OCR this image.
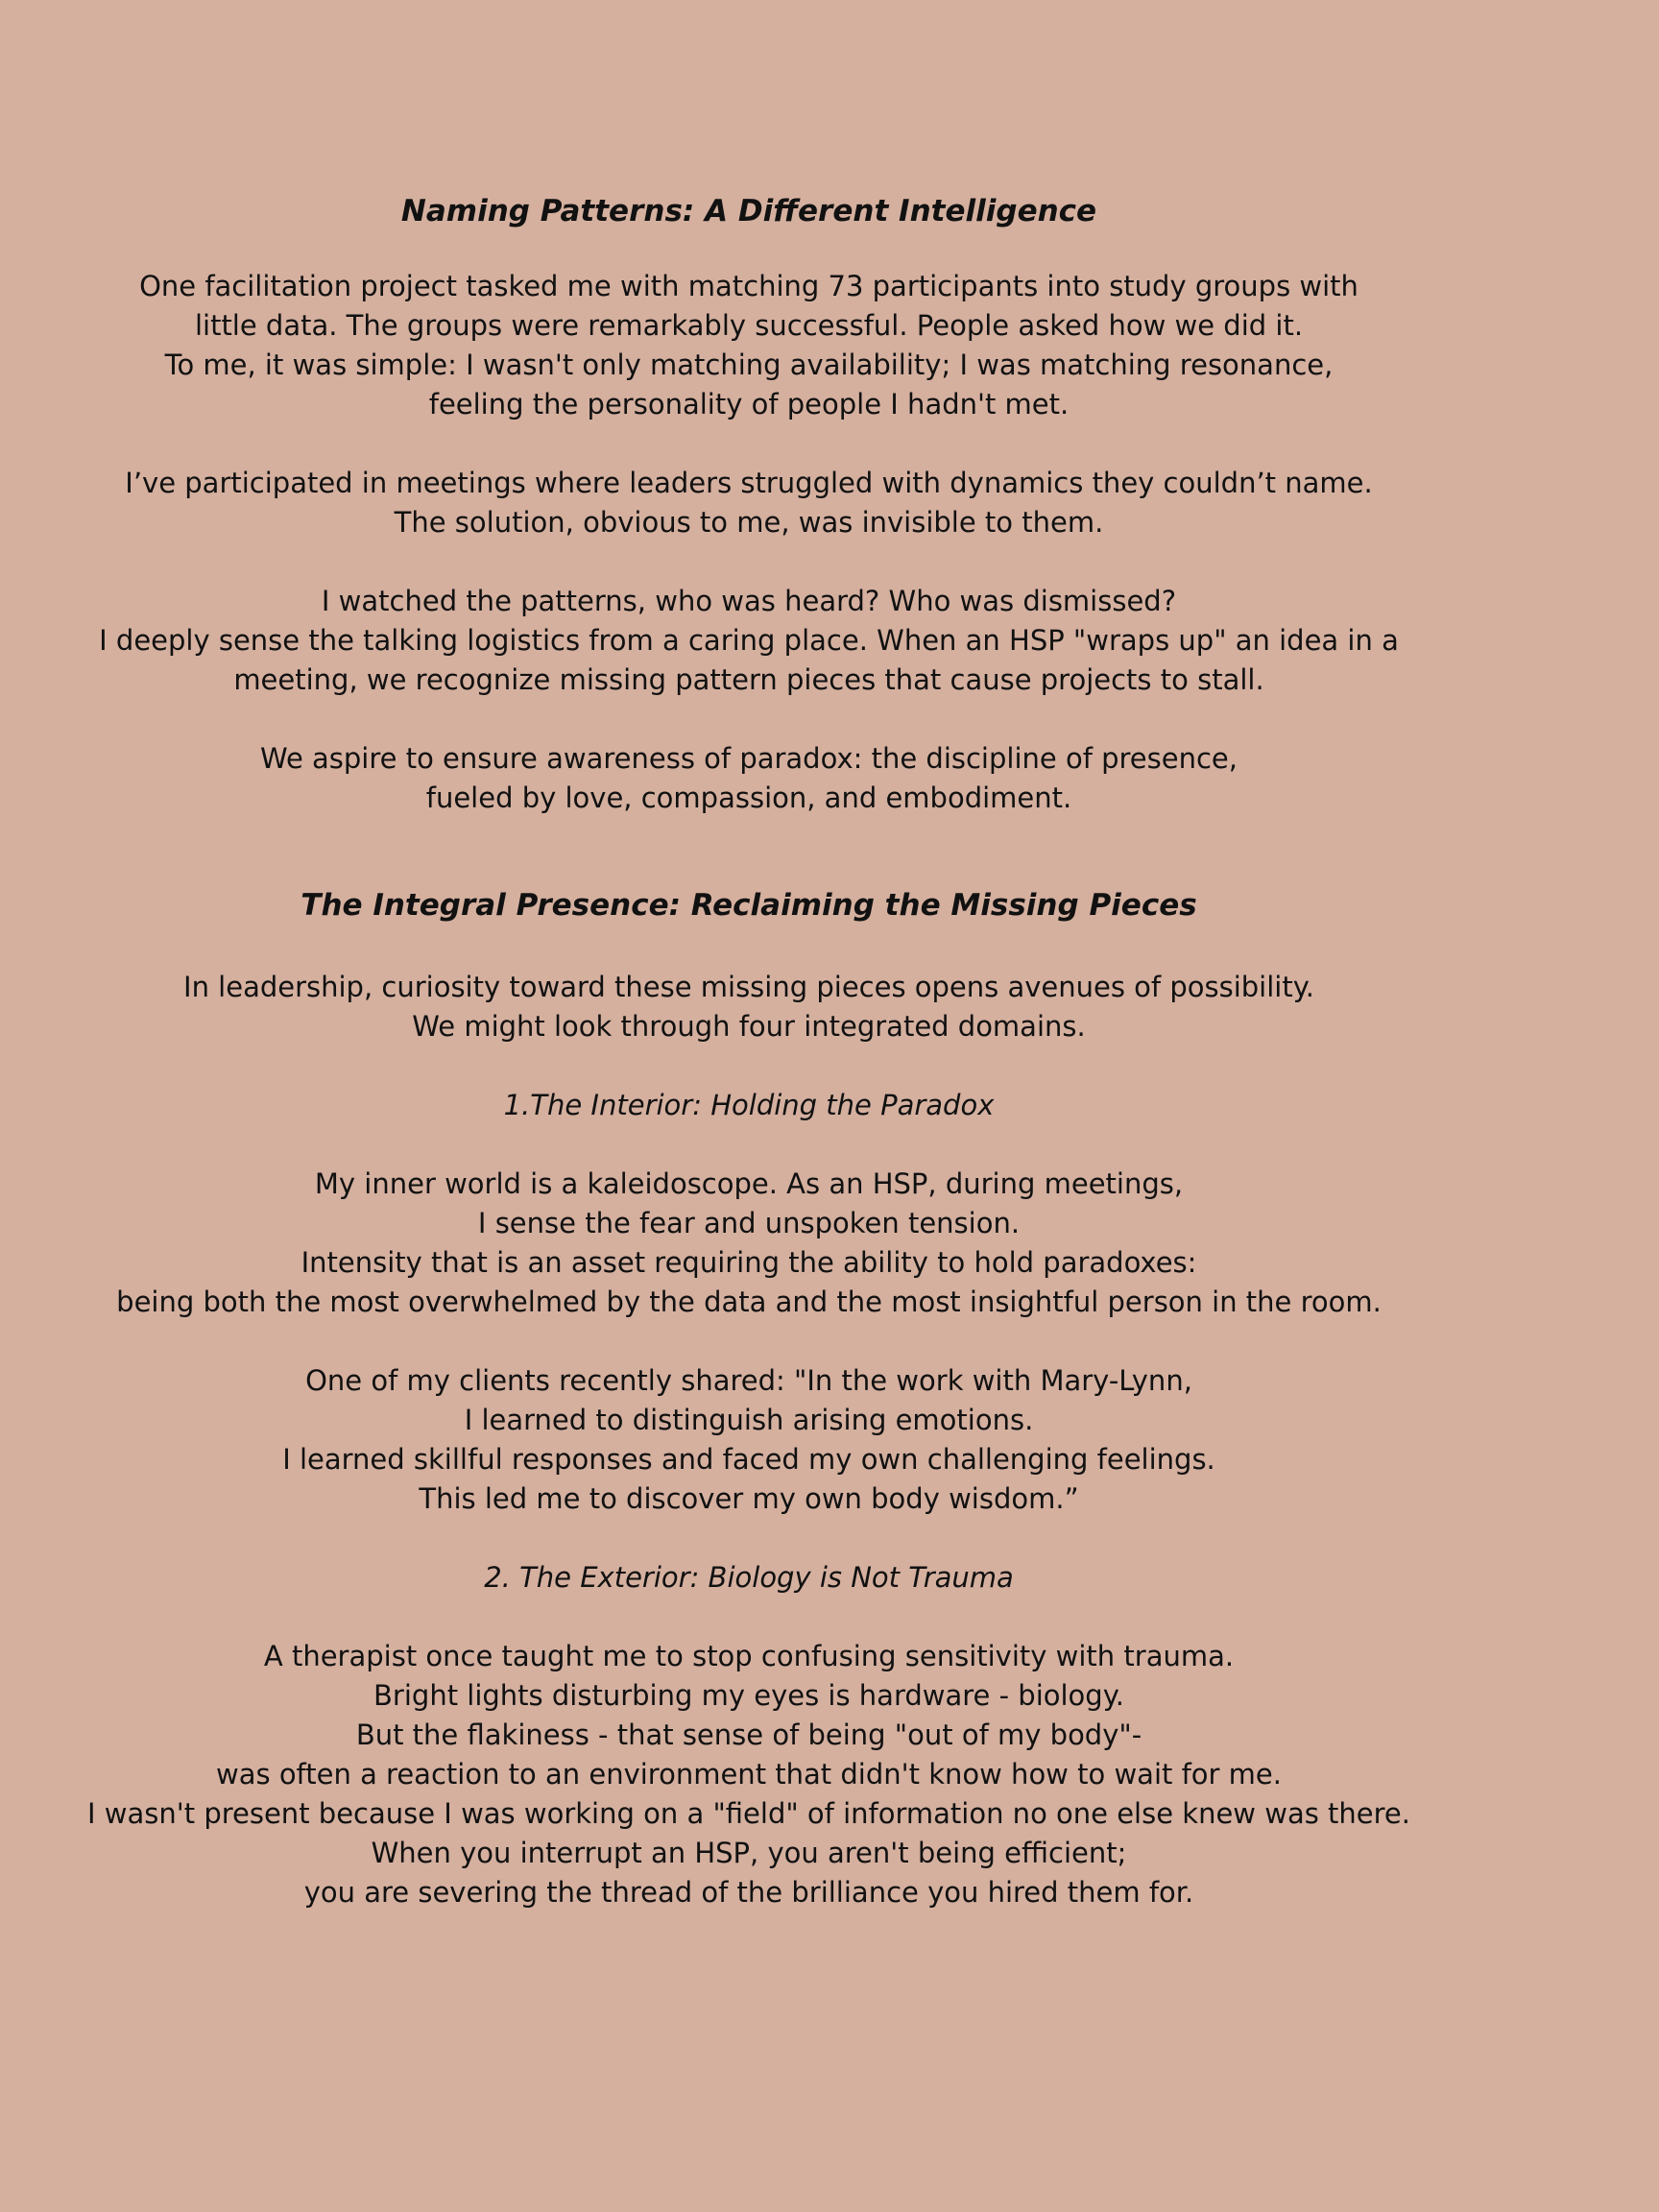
Naming Patterns: A Different Intelligence

One facilitation project tasked me with matching 73 participants into study groups with

little data. The groups were remarkably successful. People asked how we did it.

To me, it was simple: I wasn't only matching availability; I was matching resonance,

feeling the personality of people I hadn't met.

I’ve participated in meetings where leaders struggled with dynamics they couldn’t name.

The solution, obvious to me, was invisible to them.

I watched the patterns, who was heard? Who was dismissed?

I deeply sense the talking logistics from a caring place. When an HSP "wraps up" an idea in a

meeting, we recognize missing pattern pieces that cause projects to stall.

We aspire to ensure awareness of paradox: the discipline of presence,

fueled by love, compassion, and embodiment.

The Integral Presence: Reclaiming the Missing Pieces

In leadership, curiosity toward these missing pieces opens avenues of possibility.

We might look through four integrated domains.

1.The Interior: Holding the Paradox

My inner world is a kaleidoscope. As an HSP, during meetings,

I sense the fear and unspoken tension.

Intensity that is an asset requiring the ability to hold paradoxes:

being both the most overwhelmed by the data and the most insightful person in the room.

One of my clients recently shared: "In the work with Mary-Lynn,

I learned to distinguish arising emotions.

I learned skillful responses and faced my own challenging feelings.

This led me to discover my own body wisdom.”

2. The Exterior: Biology is Not Trauma

A therapist once taught me to stop confusing sensitivity with trauma.

Bright lights disturbing my eyes is hardware - biology.

But the flakiness - that sense of being "out of my body"-

was often a reaction to an environment that didn't know how to wait for me.

I wasn't present because I was working on a "field" of information no one else knew was there.

When you interrupt an HSP, you aren't being efficient;

you are severing the thread of the brilliance you hired them for.
